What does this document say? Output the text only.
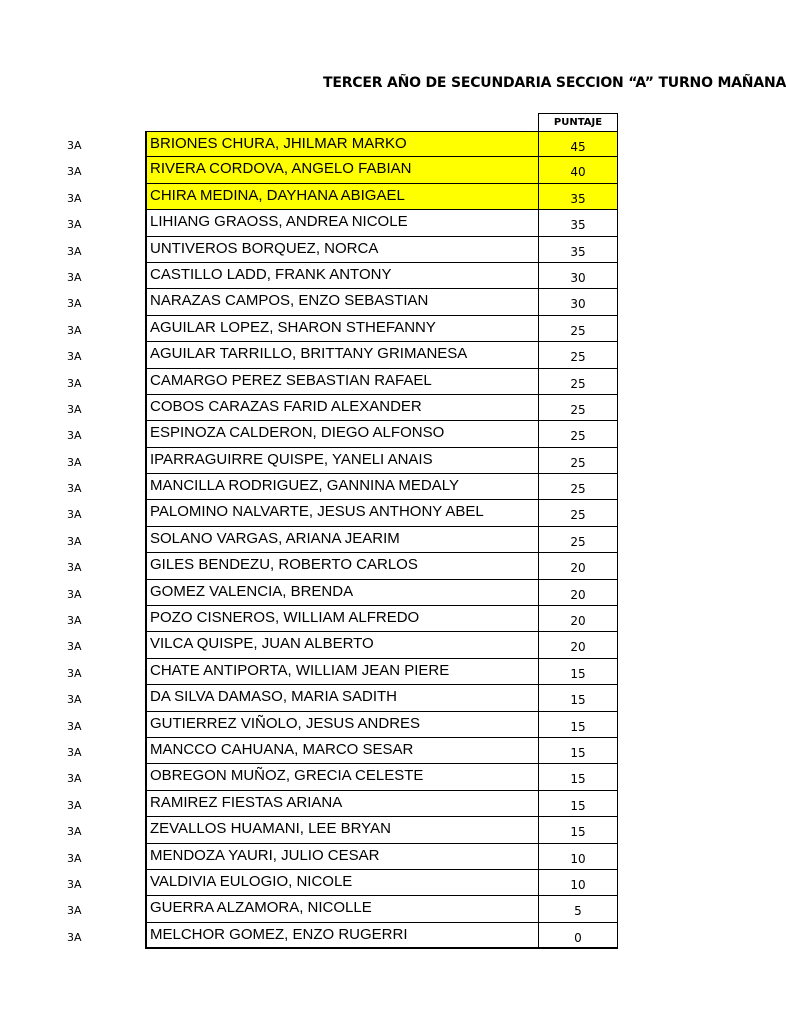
TERCER AÑO DE SECUNDARIA SECCION “A” TURNO MAÑANA
PUNTAJE
3A	BRIONES CHURA, JHILMAR MARKO	45
3A	RIVERA CORDOVA, ANGELO FABIAN	40
3A	CHIRA MEDINA, DAYHANA ABIGAEL	35
3A	LIHIANG GRAOSS, ANDREA NICOLE	35
3A	UNTIVEROS BORQUEZ, NORCA	35
3A	CASTILLO LADD, FRANK ANTONY	30
3A	NARAZAS CAMPOS, ENZO SEBASTIAN	30
3A	AGUILAR LOPEZ, SHARON STHEFANNY	25
3A	AGUILAR TARRILLO, BRITTANY GRIMANESA	25
3A	CAMARGO PEREZ SEBASTIAN RAFAEL	25
3A	COBOS CARAZAS FARID ALEXANDER	25
3A	ESPINOZA CALDERON, DIEGO ALFONSO	25
3A	IPARRAGUIRRE QUISPE, YANELI ANAIS	25
3A	MANCILLA RODRIGUEZ, GANNINA MEDALY	25
3A	PALOMINO NALVARTE, JESUS ANTHONY ABEL	25
3A	SOLANO VARGAS, ARIANA JEARIM	25
3A	GILES BENDEZU, ROBERTO CARLOS	20
3A	GOMEZ VALENCIA, BRENDA	20
3A	POZO CISNEROS, WILLIAM ALFREDO	20
3A	VILCA QUISPE, JUAN ALBERTO	20
3A	CHATE ANTIPORTA, WILLIAM JEAN PIERE	15
3A	DA SILVA DAMASO, MARIA SADITH	15
3A	GUTIERREZ VIÑOLO, JESUS ANDRES	15
3A	MANCCO CAHUANA, MARCO SESAR	15
3A	OBREGON MUÑOZ, GRECIA CELESTE	15
3A	RAMIREZ FIESTAS ARIANA	15
3A	ZEVALLOS HUAMANI, LEE BRYAN	15
3A	MENDOZA YAURI, JULIO CESAR	10
3A	VALDIVIA EULOGIO, NICOLE	10
3A	GUERRA ALZAMORA, NICOLLE	5
3A	MELCHOR GOMEZ, ENZO RUGERRI	0
